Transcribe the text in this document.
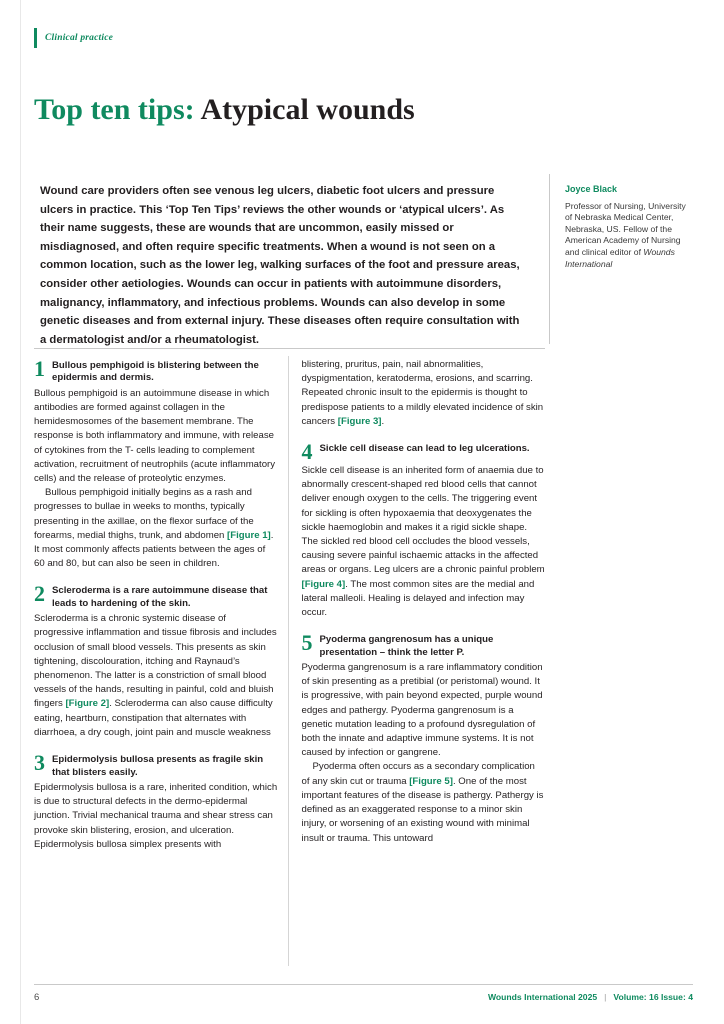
Clinical practice
Top ten tips: Atypical wounds
Wound care providers often see venous leg ulcers, diabetic foot ulcers and pressure ulcers in practice. This ‘Top Ten Tips’ reviews the other wounds or ‘atypical ulcers’. As their name suggests, these are wounds that are uncommon, easily missed or misdiagnosed, and often require specific treatments. When a wound is not seen on a common location, such as the lower leg, walking surfaces of the foot and pressure areas, consider other aetiologies. Wounds can occur in patients with autoimmune disorders, malignancy, inflammatory, and infectious problems. Wounds can also develop in some genetic diseases and from external injury. These diseases often require consultation with a dermatologist and/or a rheumatologist.
Joyce Black
Professor of Nursing, University of Nebraska Medical Center, Nebraska, US. Fellow of the American Academy of Nursing and clinical editor of Wounds International
1 Bullous pemphigoid is blistering between the epidermis and dermis.

Bullous pemphigoid is an autoimmune disease in which antibodies are formed against collagen in the hemidesmosomes of the basement membrane. The response is both inflammatory and immune, with release of cytokines from the T- cells leading to complement activation, recruitment of neutrophils (acute inflammatory cells) and the release of proteolytic enzymes.

Bullous pemphigoid initially begins as a rash and progresses to bullae in weeks to months, typically presenting in the axillae, on the flexor surface of the forearms, medial thighs, trunk, and abdomen [Figure 1]. It most commonly affects patients between the ages of 60 and 80, but can also be seen in children.

2 Scleroderma is a rare autoimmune disease that leads to hardening of the skin.

Scleroderma is a chronic systemic disease of progressive inflammation and tissue fibrosis and includes occlusion of small blood vessels. This presents as skin tightening, discolouration, itching and Raynaud’s phenomenon. The latter is a constriction of small blood vessels of the hands, resulting in painful, cold and bluish fingers [Figure 2]. Scleroderma can also cause difficulty eating, heartburn, constipation that alternates with diarrhoea, a dry cough, joint pain and muscle weakness

3 Epidermolysis bullosa presents as fragile skin that blisters easily.

Epidermolysis bullosa is a rare, inherited condition, which is due to structural defects in the dermo-epidermal junction. Trivial mechanical trauma and shear stress can provoke skin blistering, erosion, and ulceration. Epidermolysis bullosa simplex presents with

blistering, pruritus, pain, nail abnormalities, dyspigmentation, keratoderma, erosions, and scarring. Repeated chronic insult to the epidermis is thought to predispose patients to a mildly elevated incidence of skin cancers [Figure 3].

4 Sickle cell disease can lead to leg ulcerations.

Sickle cell disease is an inherited form of anaemia due to abnormally crescent-shaped red blood cells that cannot deliver enough oxygen to the cells. The triggering event for sickling is often hypoxaemia that deoxygenates the sickle haemoglobin and makes it a rigid sickle shape. The sickled red blood cell occludes the blood vessels, causing severe painful ischaemic attacks in the affected areas or organs. Leg ulcers are a chronic painful problem [Figure 4]. The most common sites are the medial and lateral malleoli. Healing is delayed and infection may occur.

5 Pyoderma gangrenosum has a unique presentation – think the letter P.

Pyoderma gangrenosum is a rare inflammatory condition of skin presenting as a pretibial (or peristomal) wound. It is progressive, with pain beyond expected, purple wound edges and pathergy. Pyoderma gangrenosum is a genetic mutation leading to a profound dysregulation of both the innate and adaptive immune systems. It is not caused by infection or gangrene.

Pyoderma often occurs as a secondary complication of any skin cut or trauma [Figure 5]. One of the most important features of the disease is pathergy. Pathergy is defined as an exaggerated response to a minor skin injury, or worsening of an existing wound with minimal insult or trauma. This untoward

6	Wounds International 2025 | Volume: 16 Issue: 4
